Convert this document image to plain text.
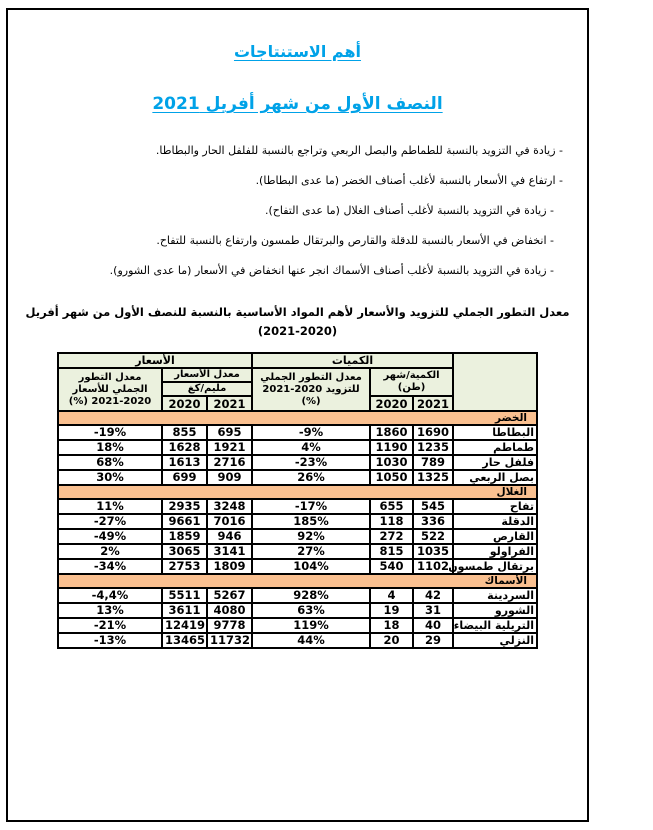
أهم الاستنتاجات
النصف الأول من شهر أفريل 2021
- زيادة في التزويد بالنسبة للطماطم والبصل الربعي وتراجع بالنسبة للفلفل الحار والبطاطا.
- ارتفاع في الأسعار بالنسبة لأغلب أصناف الخضر (ما عدى البطاطا).
- زيادة في التزويد بالنسبة لأغلب أصناف الغلال (ما عدى التفاح).
- انخفاض في الأسعار بالنسبة للدقلة والقارص والبرتقال طمسون وارتفاع بالنسبة للتفاح.
- زيادة في التزويد بالنسبة لأغلب أصناف الأسماك انجر عنها انخفاض في الأسعار (ما عدى الشورو).
معدل التطور الجملي للتزويد والأسعار لأهم المواد الأساسية بالنسبة للنصف الأول من شهر أفريل
(2021-2020)
	الكميات			الأسعار		
	الكمية/شهر (طن)		معدل التطور الجملي للتزويد 2020-2021 (%)	معدل الأسعار		معدل التطور الجملي للأسعار 2020-2021 (%)
				مليم/كغ		
	2021	2020		2021	2020	
الخضر						
البطاطا	1690	1860	-9%	695	855	-19%
طماطم	1235	1190	4%	1921	1628	18%
فلفل حار	789	1030	-23%	2716	1613	68%
بصل الربعي	1325	1050	26%	909	699	30%
الغلال						
تفاح	545	655	-17%	3248	2935	11%
الدقلة	336	118	185%	7016	9661	-27%
القارص	522	272	92%	946	1859	-49%
الفراولو	1035	815	27%	3141	3065	2%
برتقال طمسون	1102	540	104%	1809	2753	-34%
الأسماك						
السردينة	42	4	928%	5267	5511	-4,4%
الشورو	31	19	63%	4080	3611	13%
التريلية البيضاء	40	18	119%	9778	12419	-21%
النزلي	29	20	44%	11732	13465	-13%
